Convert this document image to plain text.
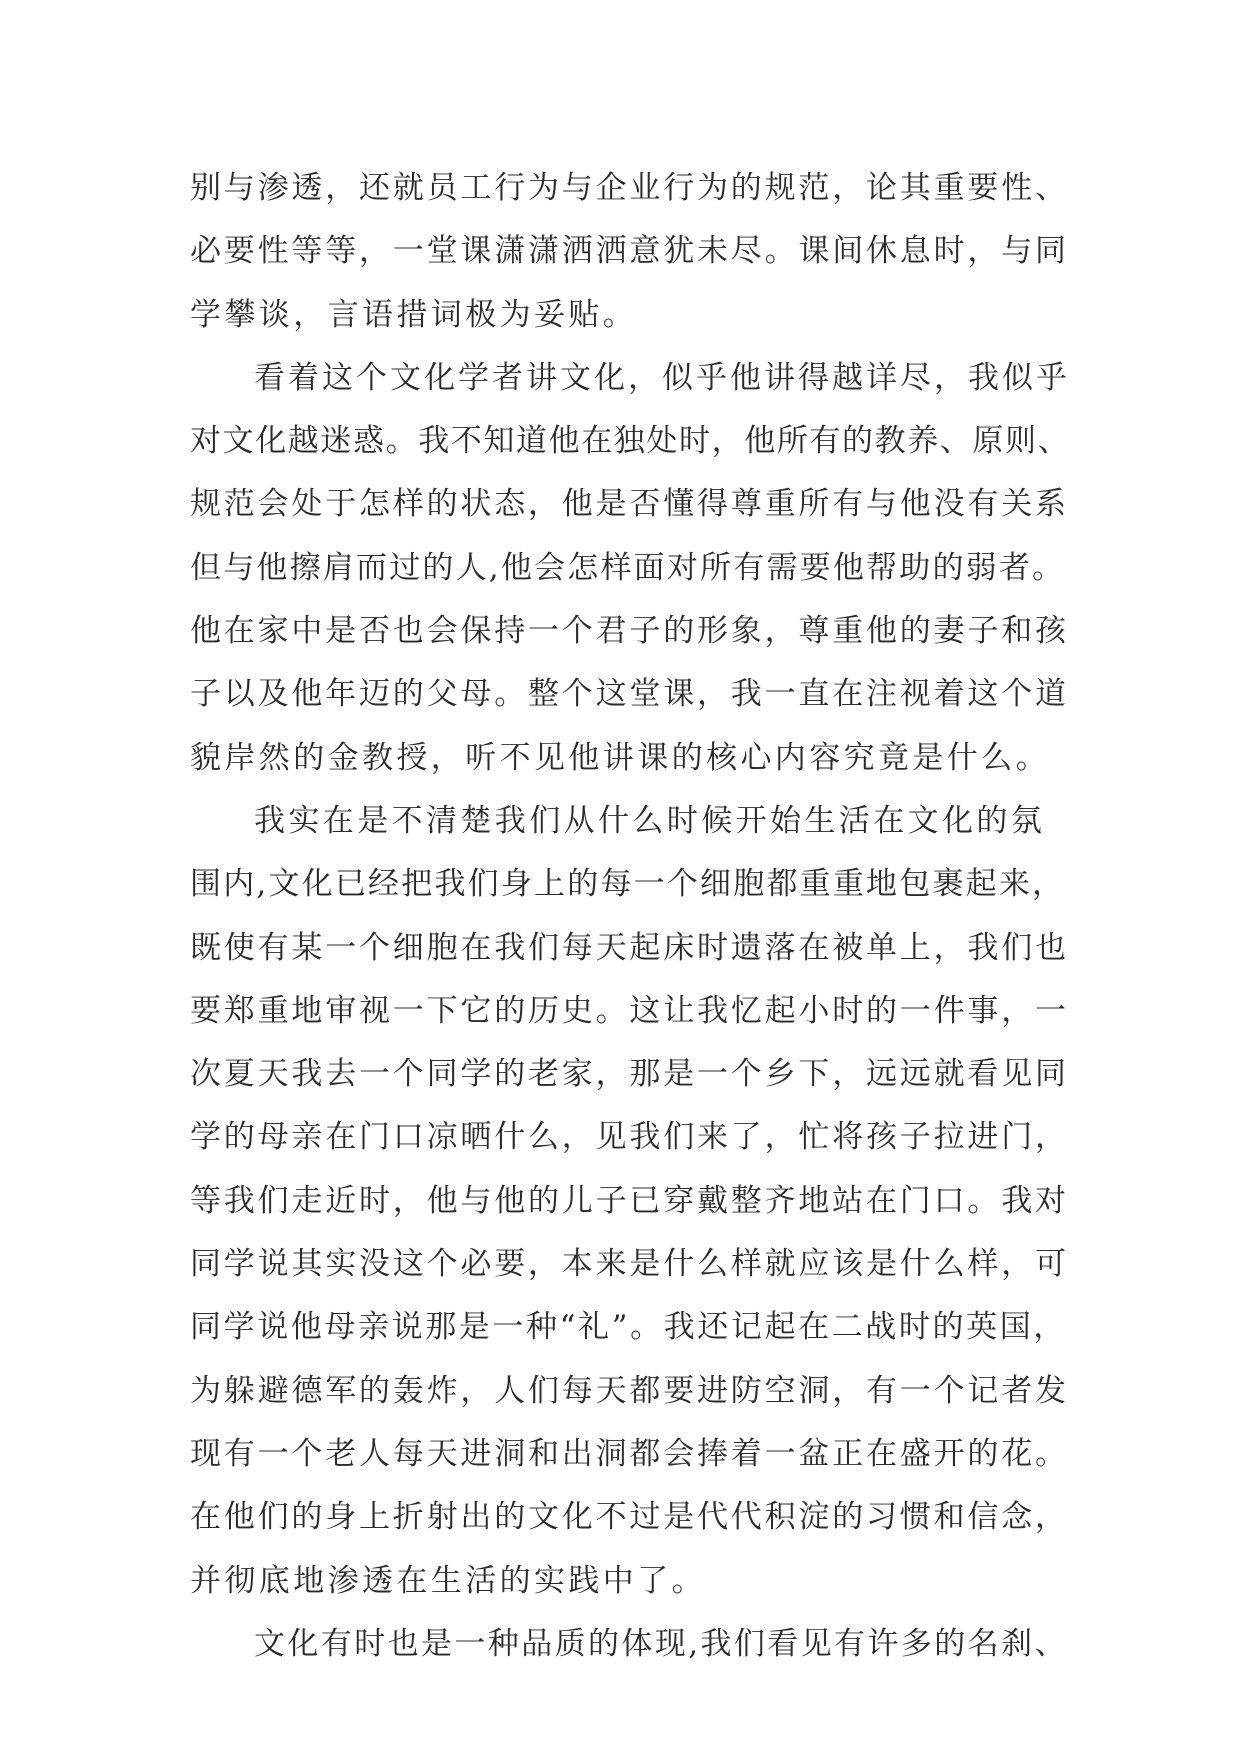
别与渗透，还就员工行为与企业行为的规范，论其重要性、
必要性等等，一堂课潇潇洒洒意犹未尽。课间休息时，与同
学攀谈，言语措词极为妥贴。
看着这个文化学者讲文化，似乎他讲得越详尽，我似乎
对文化越迷惑。我不知道他在独处时，他所有的教养、原则、
规范会处于怎样的状态，他是否懂得尊重所有与他没有关系
但与他擦肩而过的人,他会怎样面对所有需要他帮助的弱者。
他在家中是否也会保持一个君子的形象，尊重他的妻子和孩
子以及他年迈的父母。整个这堂课，我一直在注视着这个道
貌岸然的金教授，听不见他讲课的核心内容究竟是什么。
我实在是不清楚我们从什么时候开始生活在文化的氛
围内,文化已经把我们身上的每一个细胞都重重地包裹起来，
既使有某一个细胞在我们每天起床时遗落在被单上，我们也
要郑重地审视一下它的历史。这让我忆起小时的一件事，一
次夏天我去一个同学的老家，那是一个乡下，远远就看见同
学的母亲在门口凉晒什么，见我们来了，忙将孩子拉进门，
等我们走近时，他与他的儿子已穿戴整齐地站在门口。我对
同学说其实没这个必要，本来是什么样就应该是什么样，可
同学说他母亲说那是一种“礼”。我还记起在二战时的英国，
为躲避德军的轰炸，人们每天都要进防空洞，有一个记者发
现有一个老人每天进洞和出洞都会捧着一盆正在盛开的花。
在他们的身上折射出的文化不过是代代积淀的习惯和信念，
并彻底地渗透在生活的实践中了。
文化有时也是一种品质的体现,我们看见有许多的名刹、
